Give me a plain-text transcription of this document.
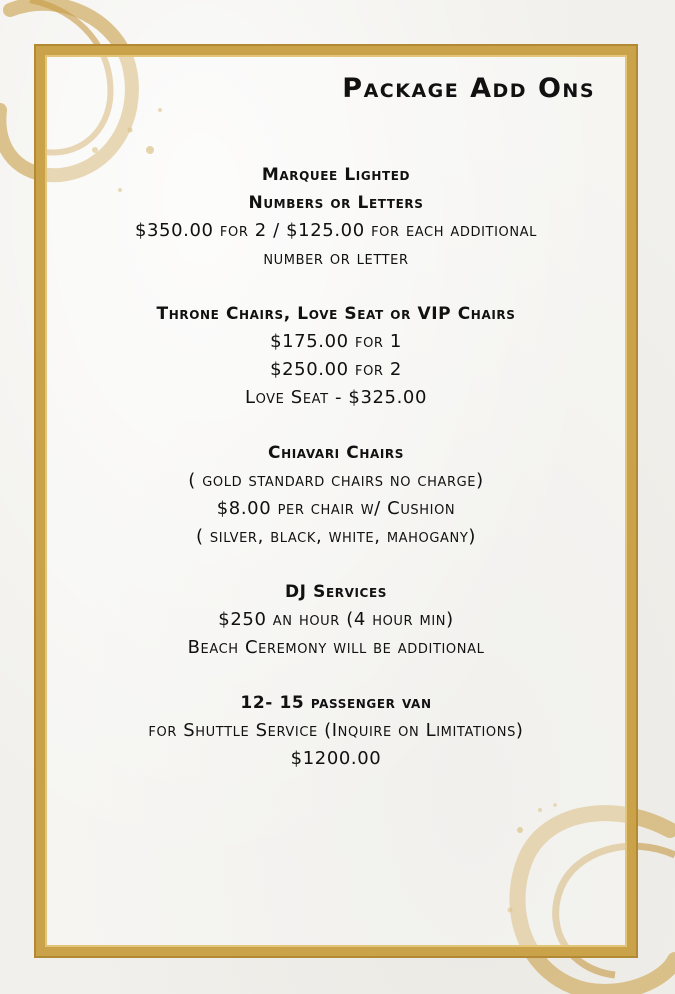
Package Add Ons
Marquee Lighted
Numbers or Letters
$350.00 for 2 / $125.00 for each additional
number or letter
Throne Chairs, Love Seat or VIP Chairs
$175.00 for 1
$250.00 for 2
Love Seat - $325.00
Chiavari Chairs
( gold standard chairs no charge)
$8.00 per chair w/ Cushion
( silver, black, white, mahogany)
DJ Services
$250 an hour (4 hour min)
Beach Ceremony will be additional
12- 15 passenger van
for Shuttle Service (Inquire on Limitations)
$1200.00
